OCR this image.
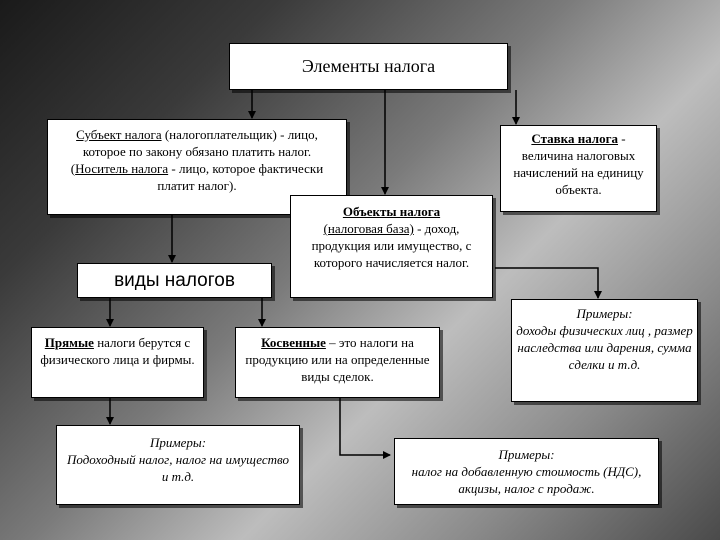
Элементы налога
Субъект налога (налогоплательщик) - лицо, которое по закону обязано платить налог.
(Носитель налога - лицо, которое фактически платит налог).
Ставка налога - величина налоговых начислений на единицу объекта.
Объекты налога
(налоговая база) - доход, продукция или имущество, с которого начисляется налог.
виды налогов
Прямые налоги берутся с физического лица и фирмы.
Косвенные – это налоги на продукцию или на определенные виды сделок.
Примеры:
доходы физических лиц , размер наследства или дарения, сумма сделки и т.д.
Примеры:
Подоходный налог, налог на имущество и т.д.
Примеры:
налог на добавленную стоимость (НДС), акцизы, налог с продаж.
